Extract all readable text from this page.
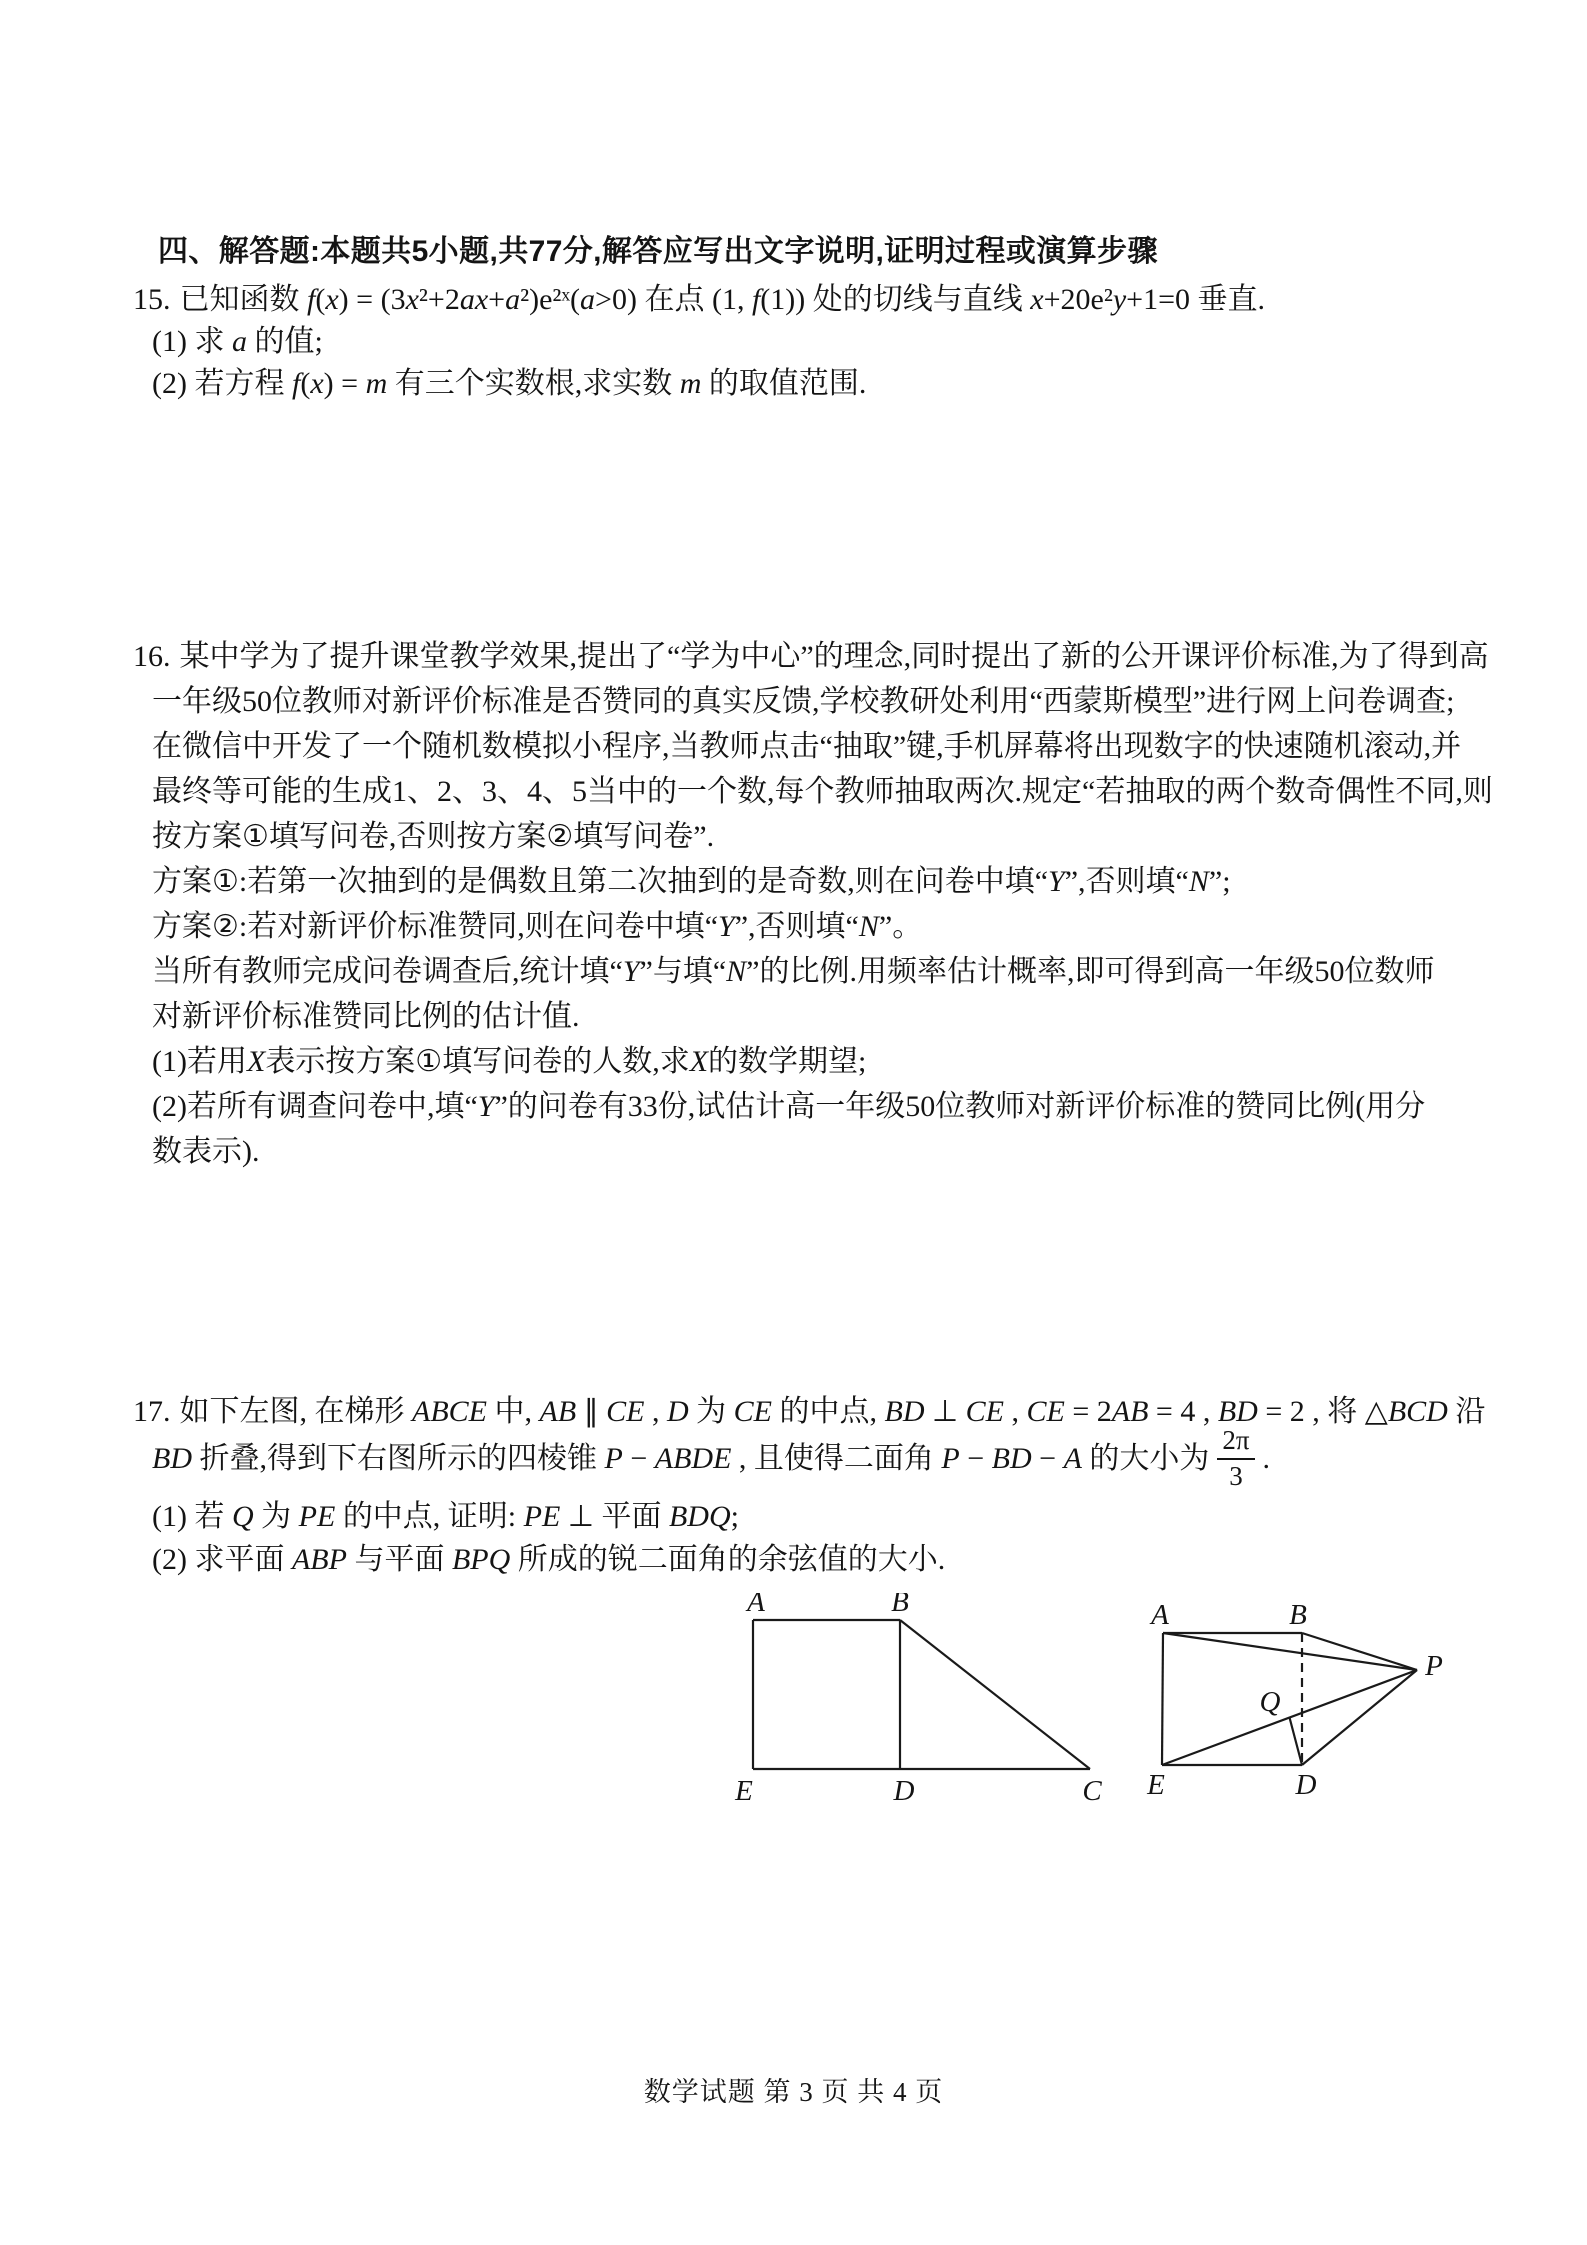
四、解答题:本题共5小题,共77分,解答应写出文字说明,证明过程或演算步骤
15. 已知函数 f(x) = (3x²+2ax+a²)e²ˣ(a>0) 在点 (1, f(1)) 处的切线与直线 x+20e²y+1=0 垂直.
(1) 求 a 的值;
(2) 若方程 f(x) = m 有三个实数根,求实数 m 的取值范围.
16. 某中学为了提升课堂教学效果,提出了“学为中心”的理念,同时提出了新的公开课评价标准,为了得到高
一年级50位教师对新评价标准是否赞同的真实反馈,学校教研处利用“西蒙斯模型”进行网上问卷调查;
在微信中开发了一个随机数模拟小程序,当教师点击“抽取”键,手机屏幕将出现数字的快速随机滚动,并
最终等可能的生成1、2、3、4、5当中的一个数,每个教师抽取两次.规定“若抽取的两个数奇偶性不同,则
按方案①填写问卷,否则按方案②填写问卷”.
方案①:若第一次抽到的是偶数且第二次抽到的是奇数,则在问卷中填“Y”,否则填“N”;
方案②:若对新评价标准赞同,则在问卷中填“Y”,否则填“N”。
当所有教师完成问卷调查后,统计填“Y”与填“N”的比例.用频率估计概率,即可得到高一年级50位数师
对新评价标准赞同比例的估计值.
(1)若用X表示按方案①填写问卷的人数,求X的数学期望;
(2)若所有调查问卷中,填“Y”的问卷有33份,试估计高一年级50位教师对新评价标准的赞同比例(用分
数表示).
17. 如下左图, 在梯形 ABCE 中, AB ∥ CE , D 为 CE 的中点, BD ⊥ CE , CE = 2AB = 4 , BD = 2 , 将 △BCD 沿
BD 折叠,得到下右图所示的四棱锥 P − ABDE , 且使得二面角 P − BD − A 的大小为 $\frac{2\pi}{3}$ .
(1) 若 Q 为 PE 的中点, 证明: PE ⊥ 平面 BDQ;
(2) 求平面 ABP 与平面 BPQ 所成的锐二面角的余弦值的大小.
A	B
E	D	C
A	B
P
Q
E	D
数学试题 第 3 页 共 4 页
